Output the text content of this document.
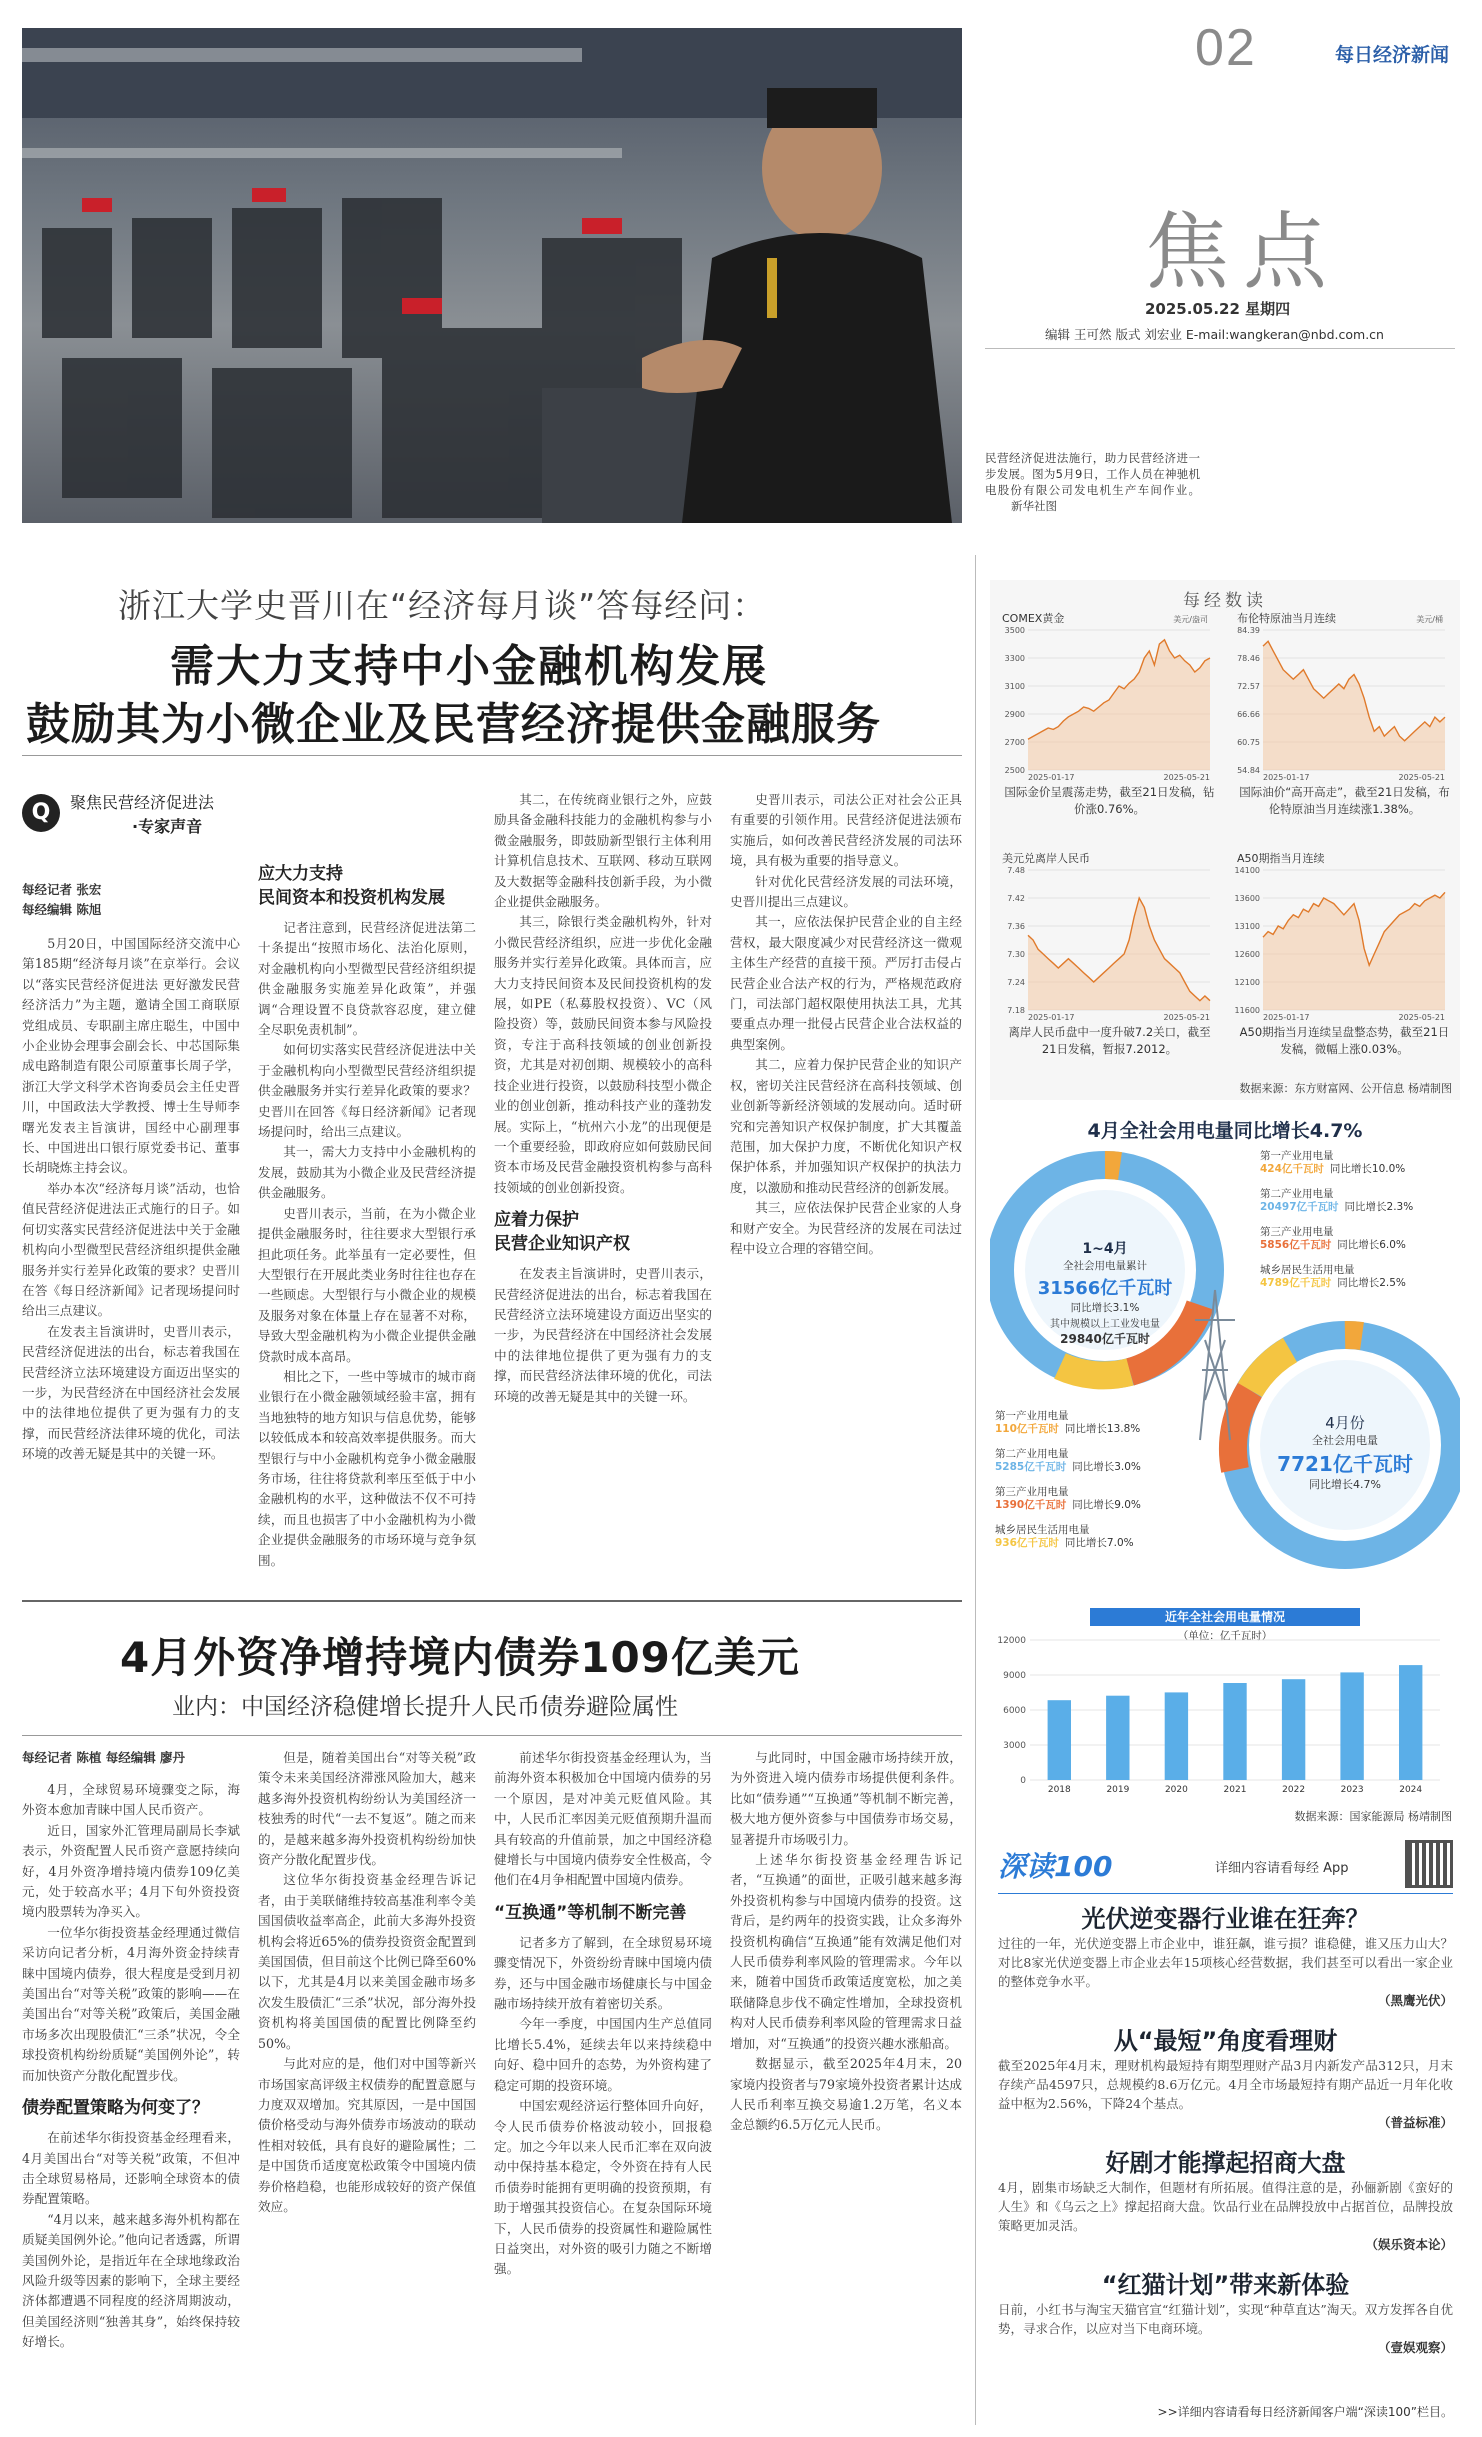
02	每日经济新闻
焦点
2025.05.22 星期四
编辑 王可然 版式 刘宏业 E-mail:wangkeran@nbd.com.cn
民营经济促进法施行，助力民营经济进一步发展。图为5月9日，工作人员在神驰机电股份有限公司发电机生产车间作业。 新华社图
浙江大学史晋川在“经济每月谈”答每经问：
需大力支持中小金融机构发展
鼓励其为小微企业及民营经济提供金融服务
Q	聚焦民营经济促进法
·专家声音
每经记者 张宏
每经编辑 陈旭

5月20日，中国国际经济交流中心第185期“经济每月谈”在京举行。会议以“落实民营经济促进法 更好激发民营经济活力”为主题，邀请全国工商联原党组成员、专职副主席庄聪生，中国中小企业协会理事会副会长、中芯国际集成电路制造有限公司原董事长周子学，浙江大学文科学术咨询委员会主任史晋川，中国政法大学教授、博士生导师李曙光发表主旨演讲，国经中心副理事长、中国进出口银行原党委书记、董事长胡晓炼主持会议。

举办本次“经济每月谈”活动，也恰值民营经济促进法正式施行的日子。如何切实落实民营经济促进法中关于金融机构向小型微型民营经济组织提供金融服务并实行差异化政策的要求？史晋川在答《每日经济新闻》记者现场提问时给出三点建议。

在发表主旨演讲时，史晋川表示，民营经济促进法的出台，标志着我国在民营经济立法环境建设方面迈出坚实的一步，为民营经济在中国经济社会发展中的法律地位提供了更为强有力的支撑，而民营经济法律环境的优化，司法环境的改善无疑是其中的关键一环。

应大力支持
民间资本和投资机构发展

记者注意到，民营经济促进法第二十条提出“按照市场化、法治化原则，对金融机构向小型微型民营经济组织提供金融服务实施差异化政策”，并强调“合理设置不良贷款容忍度，建立健全尽职免责机制”。

如何切实落实民营经济促进法中关于金融机构向小型微型民营经济组织提供金融服务并实行差异化政策的要求？史晋川在回答《每日经济新闻》记者现场提问时，给出三点建议。

其一，需大力支持中小金融机构的发展，鼓励其为小微企业及民营经济提供金融服务。

史晋川表示，当前，在为小微企业提供金融服务时，往往要求大型银行承担此项任务。此举虽有一定必要性，但大型银行在开展此类业务时往往也存在一些顾虑。大型银行与小微企业的规模及服务对象在体量上存在显著不对称，导致大型金融机构为小微企业提供金融贷款时成本高昂。

相比之下，一些中等城市的城市商业银行在小微金融领域经验丰富，拥有当地独特的地方知识与信息优势，能够以较低成本和较高效率提供服务。而大型银行与中小金融机构竞争小微金融服务市场，往往将贷款利率压至低于中小金融机构的水平，这种做法不仅不可持续，而且也损害了中小金融机构为小微企业提供金融服务的市场环境与竞争氛围。

其二，在传统商业银行之外，应鼓励具备金融科技能力的金融机构参与小微金融服务，即鼓励新型银行主体利用计算机信息技术、互联网、移动互联网及大数据等金融科技创新手段，为小微企业提供金融服务。

其三，除银行类金融机构外，针对小微民营经济组织，应进一步优化金融服务并实行差异化政策。具体而言，应大力支持民间资本及民间投资机构的发展，如PE（私募股权投资）、VC（风险投资）等，鼓励民间资本参与风险投资，专注于高科技领域的创业创新投资，尤其是对初创期、规模较小的高科技企业进行投资，以鼓励科技型小微企业的创业创新，推动科技产业的蓬勃发展。实际上，“杭州六小龙”的出现便是一个重要经验，即政府应如何鼓励民间资本市场及民营金融投资机构参与高科技领域的创业创新投资。

应着力保护
民营企业知识产权

在发表主旨演讲时，史晋川表示，民营经济促进法的出台，标志着我国在民营经济立法环境建设方面迈出坚实的一步，为民营经济在中国经济社会发展中的法律地位提供了更为强有力的支撑，而民营经济法律环境的优化，司法环境的改善无疑是其中的关键一环。

史晋川表示，司法公正对社会公正具有重要的引领作用。民营经济促进法颁布实施后，如何改善民营经济发展的司法环境，具有极为重要的指导意义。

针对优化民营经济发展的司法环境，史晋川提出三点建议。

其一，应依法保护民营企业的自主经营权，最大限度减少对民营经济这一微观主体生产经营的直接干预。严厉打击侵占民营企业合法产权的行为，严格规范政府门，司法部门超权限使用执法工具，尤其要重点办理一批侵占民营企业合法权益的典型案例。

其二，应着力保护民营企业的知识产权，密切关注民营经济在高科技领域、创业创新等新经济领域的发展动向。适时研究和完善知识产权保护制度，扩大其覆盖范围，加大保护力度，不断优化知识产权保护体系，并加强知识产权保护的执法力度，以激励和推动民营经济的创新发展。

其三，应依法保护民营企业家的人身和财产安全。为民营经济的发展在司法过程中设立合理的容错空间。

4月外资净增持境内债券109亿美元
业内：中国经济稳健增长提升人民币债券避险属性
每经记者 陈植 每经编辑 廖丹

4月，全球贸易环境骤变之际，海外资本愈加青睐中国人民币资产。

近日，国家外汇管理局副局长李斌表示，外资配置人民币资产意愿持续向好，4月外资净增持境内债券109亿美元，处于较高水平；4月下旬外资投资境内股票转为净买入。

一位华尔街投资基金经理通过微信采访向记者分析，4月海外资金持续青睐中国境内债券，很大程度是受到月初美国出台“对等关税”政策的影响——在美国出台“对等关税”政策后，美国金融市场多次出现股债汇“三杀”状况，令全球投资机构纷纷质疑“美国例外论”，转而加快资产分散化配置步伐。

债券配置策略为何变了？

在前述华尔街投资基金经理看来，4月美国出台“对等关税”政策，不但冲击全球贸易格局，还影响全球资本的债券配置策略。

“4月以来，越来越多海外机构都在质疑美国例外论。”他向记者透露，所谓美国例外论，是指近年在全球地缘政治风险升级等因素的影响下，全球主要经济体都遭遇不同程度的经济周期波动，但美国经济则“独善其身”，始终保持较好增长。

但是，随着美国出台“对等关税”政策令未来美国经济滞涨风险加大，越来越多海外投资机构纷纷认为美国经济一枝独秀的时代“一去不复返”。随之而来的，是越来越多海外投资机构纷纷加快资产分散化配置步伐。

这位华尔街投资基金经理告诉记者，由于美联储维持较高基准利率令美国国债收益率高企，此前大多海外投资机构会将近65%的债券投资资金配置到美国国债，但目前这个比例已降至60%以下，尤其是4月以来美国金融市场多次发生股债汇“三杀”状况，部分海外投资机构将美国国债的配置比例降至约50%。

与此对应的是，他们对中国等新兴市场国家高评级主权债券的配置意愿与力度双双增加。究其原因，一是中国国债价格受动与海外债券市场波动的联动性相对较低，具有良好的避险属性；二是中国货币适度宽松政策令中国境内债券价格趋稳，也能形成较好的资产保值效应。

前述华尔街投资基金经理认为，当前海外资本积极加仓中国境内债券的另一个原因，是对冲美元贬值风险。其中，人民币汇率因美元贬值预期升温而具有较高的升值前景，加之中国经济稳健增长与中国境内债券安全性极高，令他们在4月争相配置中国境内债券。

“互换通”等机制不断完善

记者多方了解到，在全球贸易环境骤变情况下，外资纷纷青睐中国境内债券，还与中国金融市场健康长与中国金融市场持续开放有着密切关系。

今年一季度，中国国内生产总值同比增长5.4%，延续去年以来持续稳中向好、稳中回升的态势，为外资构建了稳定可期的投资环境。

中国宏观经济运行整体回升向好，令人民币债券价格波动较小，回报稳定。加之今年以来人民币汇率在双向波动中保持基本稳定，令外资在持有人民币债券时能拥有更明确的投资预期，有助于增强其投资信心。在复杂国际环境下，人民币债券的投资属性和避险属性日益突出，对外资的吸引力随之不断增强。

与此同时，中国金融市场持续开放，为外资进入境内债券市场提供便利条件。比如“债券通”“互换通”等机制不断完善，极大地方便外资参与中国债券市场交易，显著提升市场吸引力。

上述华尔街投资基金经理告诉记者，“互换通”的面世，正吸引越来越多海外投资机构参与中国境内债券的投资。这背后，是约两年的投资实践，让众多海外投资机构确信“互换通”能有效满足他们对人民币债券利率风险的管理需求。今年以来，随着中国货币政策适度宽松，加之美联储降息步伐不确定性增加，全球投资机构对人民币债券利率风险的管理需求日益增加，对“互换通”的投资兴趣水涨船高。

数据显示，截至2025年4月末，20家境内投资者与79家境外投资者累计达成人民币利率互换交易逾1.2万笔，名义本金总额约6.5万亿元人民币。

每经数读
COMEX黄金	美元/盎司
3500
3300
3100
2900
2700
2500
2025-01-17	2025-05-21
国际金价呈震荡走势，截至21日发稿，钻价涨0.76%。
布伦特原油当月连续	美元/桶
84.39
78.46
72.57
66.66
60.75
54.84
2025-01-17	2025-05-21
国际油价“高开高走”，截至21日发稿，布伦特原油当月连续涨1.38%。
美元兑离岸人民币
7.48
7.42
7.36
7.30
7.24
7.18
2025-01-17	2025-05-21
离岸人民币盘中一度升破7.2关口，截至21日发稿，暂报7.2012。
A50期指当月连续
14100
13600
13100
12600
12100
11600
2025-01-17	2025-05-21
A50期指当月连续呈盘整态势，截至21日发稿，微幅上涨0.03%。
数据来源：东方财富网、公开信息 杨靖制图
4月全社会用电量同比增长4.7%
1~4月
全社会用电量累计
31566亿千瓦时
同比增长3.1%
其中规模以上工业发电量
29840亿千瓦时
第一产业用电量
424亿千瓦时 同比增长10.0%
第二产业用电量
20497亿千瓦时 同比增长2.3%
第三产业用电量
5856亿千瓦时 同比增长6.0%
城乡居民生活用电量
4789亿千瓦时 同比增长2.5%
4月份
全社会用电量
7721亿千瓦时
同比增长4.7%
第一产业用电量
110亿千瓦时 同比增长13.8%
第二产业用电量
5285亿千瓦时 同比增长3.0%
第三产业用电量
1390亿千瓦时 同比增长9.0%
城乡居民生活用电量
936亿千瓦时 同比增长7.0%
近年全社会用电量情况
（单位：亿千瓦时）
12000
9000
6000
3000
0
2018	2019	2020	2021	2022	2023	2024
数据来源：国家能源局 杨靖制图
深读100	详细内容请看每经 App
光伏逆变器行业谁在狂奔？
过往的一年，光伏逆变器上市企业中，谁狂飙，谁亏损？谁稳健，谁又压力山大？对比8家光伏逆变器上市企业去年15项核心经营数据，我们甚至可以看出一家企业的整体竞争水平。
（黑鹰光伏）
从“最短”角度看理财
截至2025年4月末，理财机构最短持有期型理财产品3月内新发产品312只，月末存续产品4597只，总规模约8.6万亿元。4月全市场最短持有期产品近一月年化收益中枢为2.56%，下降24个基点。
（普益标准）
好剧才能撑起招商大盘
4月，剧集市场缺乏大制作，但题材有所拓展。值得注意的是，孙俪新剧《蛮好的人生》和《乌云之上》撑起招商大盘。饮品行业在品牌投放中占据首位，品牌投放策略更加灵活。
（娱乐资本论）
“红猫计划”带来新体验
日前，小红书与淘宝天猫官宣“红猫计划”，实现“种草直达”淘天。双方发挥各自优势，寻求合作，以应对当下电商环境。
（壹娱观察）
>>详细内容请看每日经济新闻客户端“深读100”栏目。
